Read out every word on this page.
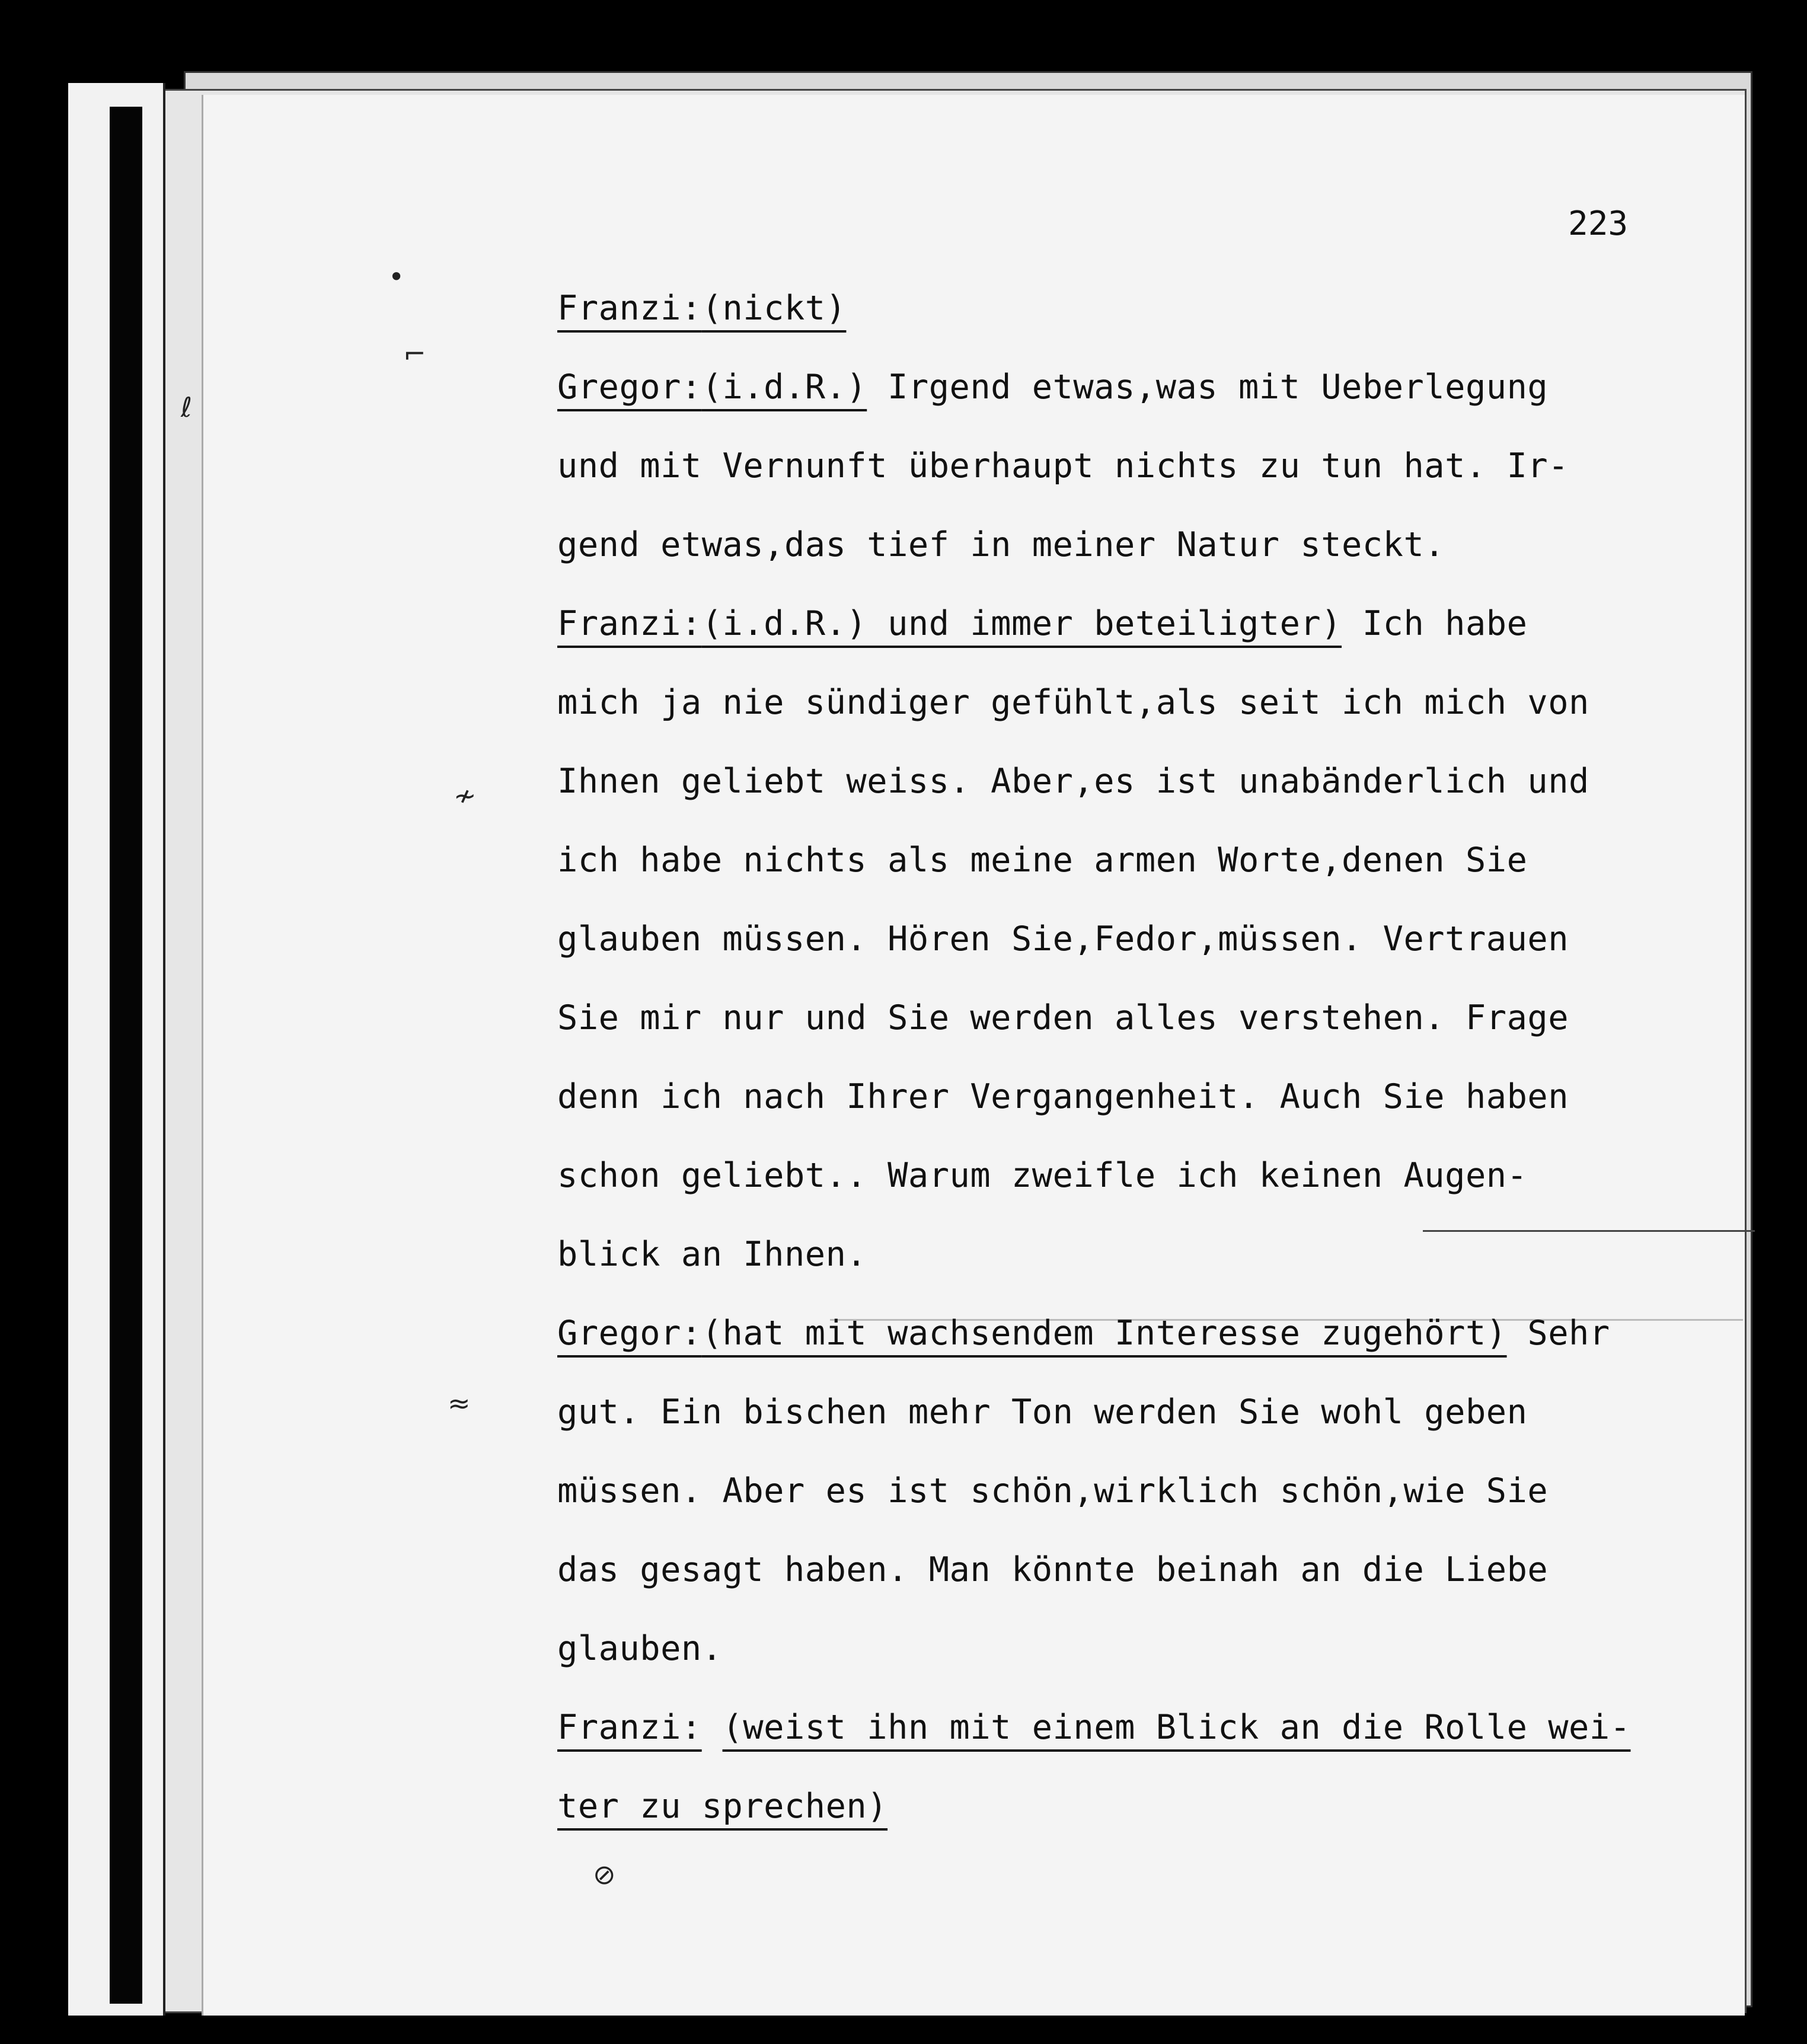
•
⌐
ℓ
≁
≈
⊘
223
Franzi:(nickt)
Gregor:(i.d.R.) Irgend etwas,was mit Ueberlegung
und mit Vernunft überhaupt nichts zu tun hat. Ir-
gend etwas,das tief in meiner Natur steckt.
Franzi:(i.d.R.) und immer beteiligter) Ich habe
mich ja nie sündiger gefühlt,als seit ich mich von
Ihnen geliebt weiss. Aber,es ist unabänderlich und
ich habe nichts als meine armen Worte,denen Sie
glauben müssen. Hören Sie,Fedor,müssen. Vertrauen
Sie mir nur und Sie werden alles verstehen. Frage
denn ich nach Ihrer Vergangenheit. Auch Sie haben
schon geliebt.. Warum zweifle ich keinen Augen-
blick an Ihnen.
Gregor:(hat mit wachsendem Interesse zugehört) Sehr
gut. Ein bischen mehr Ton werden Sie wohl geben
müssen. Aber es ist schön,wirklich schön,wie Sie
das gesagt haben. Man könnte beinah an die Liebe
glauben.
Franzi: (weist ihn mit einem Blick an die Rolle wei-
ter zu sprechen)
